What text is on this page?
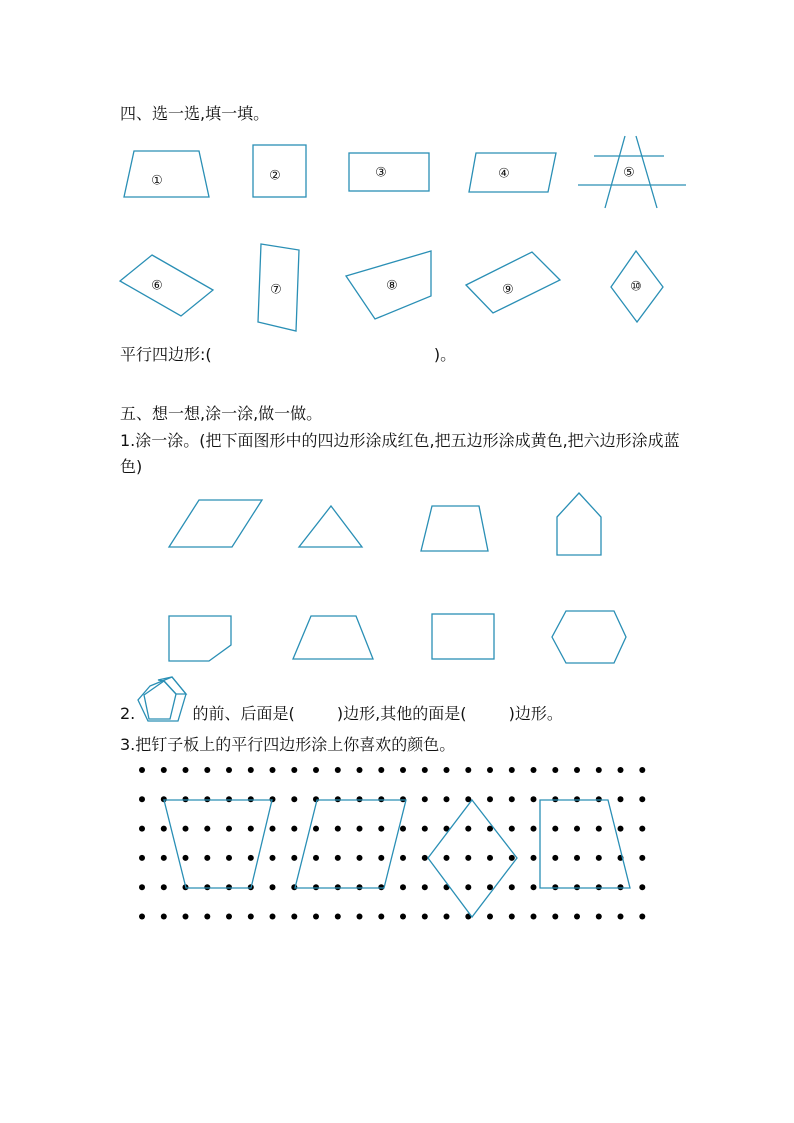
四、选一选,填一填。
①	②	③	④	⑤
⑥	⑦	⑧	⑨	⑩
平行四边形:(	)。
五、想一想,涂一涂,做一做。
1.涂一涂。(把下面图形中的四边形涂成红色,把五边形涂成黄色,把六边形涂成蓝色)
2.	的前、后面是(	)边形,其他的面是(	)边形。
3.把钉子板上的平行四边形涂上你喜欢的颜色。
